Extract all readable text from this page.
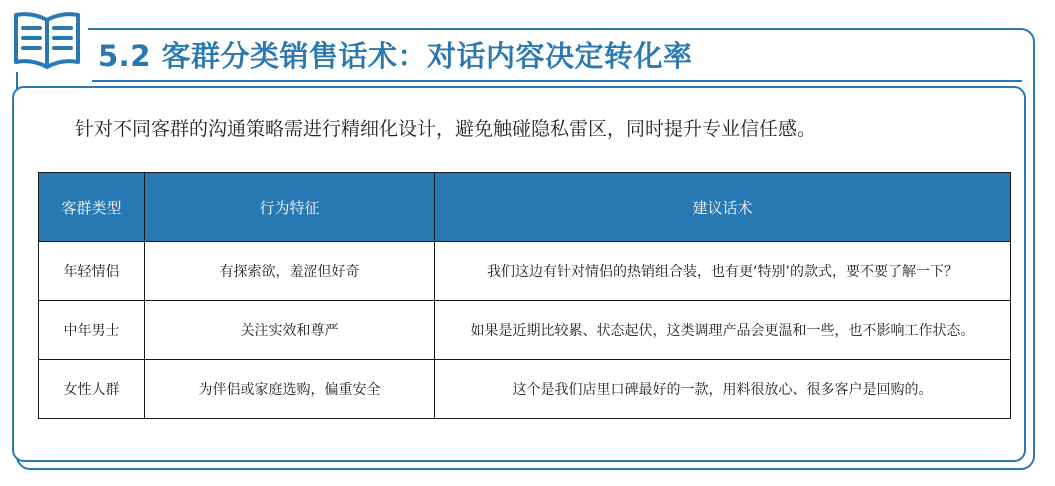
5.2 客群分类销售话术：对话内容决定转化率
针对不同客群的沟通策略需进行精细化设计，避免触碰隐私雷区，同时提升专业信任感。
客群类型	行为特征	建议话术
年轻情侣	有探索欲，羞涩但好奇	我们这边有针对情侣的热销组合装，也有更‘特别’的款式，要不要了解一下？
中年男士	关注实效和尊严	如果是近期比较累、状态起伏，这类调理产品会更温和一些，也不影响工作状态。
女性人群	为伴侣或家庭选购，偏重安全	这个是我们店里口碑最好的一款，用料很放心、很多客户是回购的。
